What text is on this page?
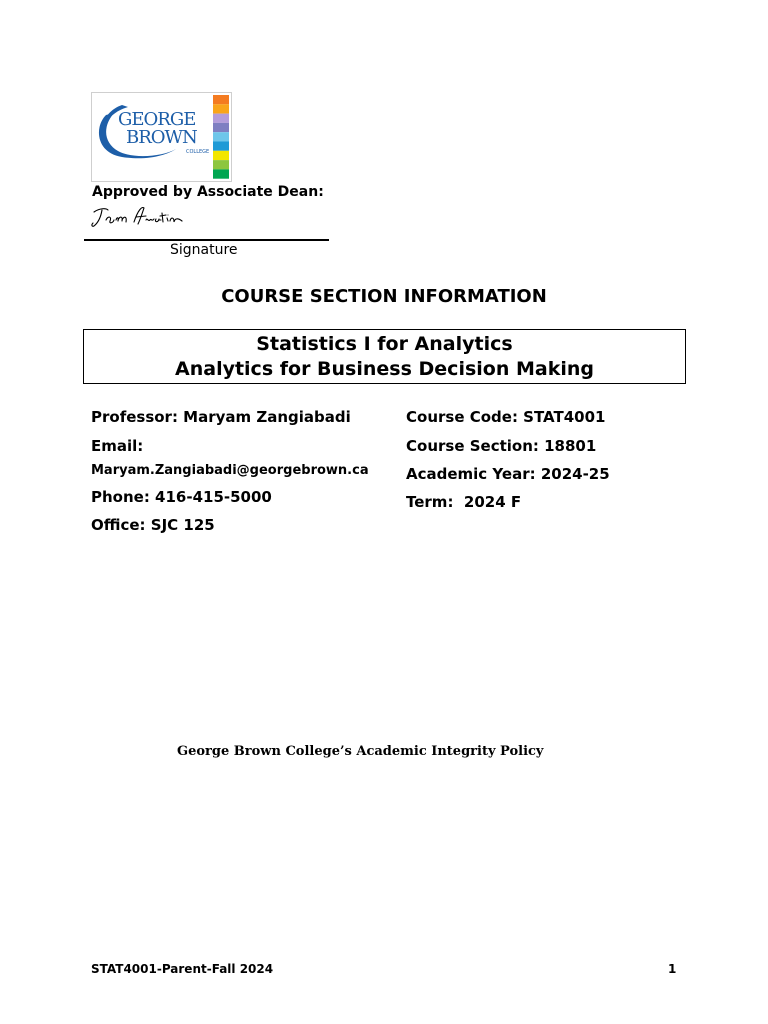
GEORGE
BROWN
COLLEGE
Approved by Associate Dean:
Signature
COURSE SECTION INFORMATION
Statistics I for Analytics
Analytics for Business Decision Making
Professor: Maryam Zangiabadi
Email:
Maryam.Zangiabadi@georgebrown.ca
Phone: 416-415-5000
Office: SJC 125
Course Code: STAT4001
Course Section: 18801
Academic Year: 2024-25
Term:  2024 F
George Brown College’s Academic Integrity Policy
STAT4001-Parent-Fall 2024	1
